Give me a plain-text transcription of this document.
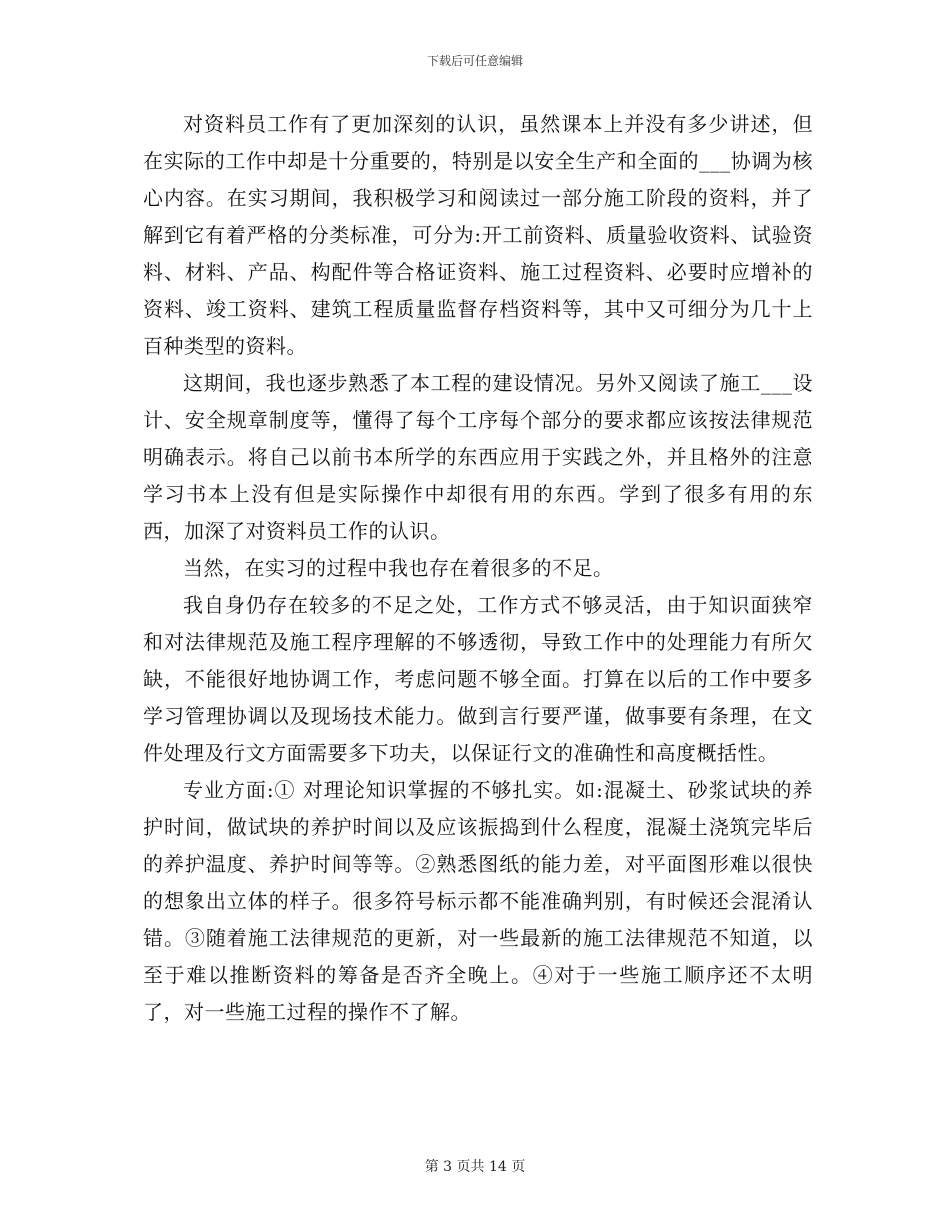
下载后可任意编辑

对资料员工作有了更加深刻的认识，虽然课本上并没有多少讲述，但在实际的工作中却是十分重要的，特别是以安全生产和全面的___协调为核心内容。在实习期间，我积极学习和阅读过一部分施工阶段的资料，并了解到它有着严格的分类标准，可分为:开工前资料、质量验收资料、试验资料、材料、产品、构配件等合格证资料、施工过程资料、必要时应增补的资料、竣工资料、建筑工程质量监督存档资料等，其中又可细分为几十上百种类型的资料。

这期间，我也逐步熟悉了本工程的建设情况。另外又阅读了施工___设计、安全规章制度等，懂得了每个工序每个部分的要求都应该按法律规范明确表示。将自己以前书本所学的东西应用于实践之外，并且格外的注意学习书本上没有但是实际操作中却很有用的东西。学到了很多有用的东西，加深了对资料员工作的认识。

当然，在实习的过程中我也存在着很多的不足。

我自身仍存在较多的不足之处，工作方式不够灵活，由于知识面狭窄和对法律规范及施工程序理解的不够透彻，导致工作中的处理能力有所欠缺，不能很好地协调工作，考虑问题不够全面。打算在以后的工作中要多学习管理协调以及现场技术能力。做到言行要严谨，做事要有条理，在文件处理及行文方面需要多下功夫，以保证行文的准确性和高度概括性。

专业方面:① 对理论知识掌握的不够扎实。如:混凝土、砂浆试块的养护时间，做试块的养护时间以及应该振捣到什么程度，混凝土浇筑完毕后的养护温度、养护时间等等。②熟悉图纸的能力差，对平面图形难以很快的想象出立体的样子。很多符号标示都不能准确判别，有时候还会混淆认错。③随着施工法律规范的更新，对一些最新的施工法律规范不知道，以至于难以推断资料的筹备是否齐全晚上。④对于一些施工顺序还不太明了，对一些施工过程的操作不了解。

第 3 页共 14 页
